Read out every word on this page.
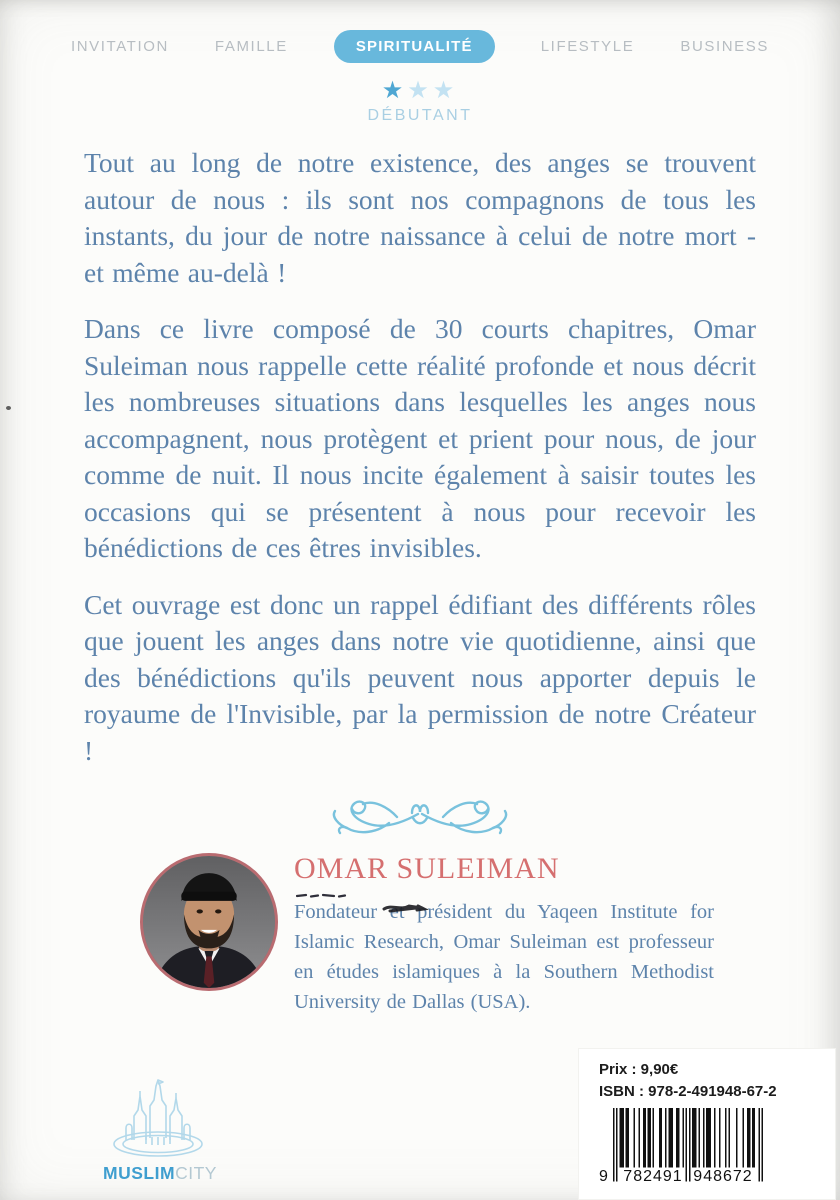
INVITATION	FAMILLE	SPIRITUALITÉ	LIFESTYLE	BUSINESS
★★★
DÉBUTANT

Tout au long de notre existence, des anges se trouvent autour de nous : ils sont nos compagnons de tous les instants, du jour de notre naissance à celui de notre mort - et même au-delà !

Dans ce livre composé de 30 courts chapitres, Omar Suleiman nous rappelle cette réalité profonde et nous décrit les nombreuses situations dans lesquelles les anges nous accompagnent, nous protègent et prient pour nous, de jour comme de nuit. Il nous incite également à saisir toutes les occasions qui se présentent à nous pour recevoir les bénédictions de ces êtres invisibles.

Cet ouvrage est donc un rappel édifiant des différents rôles que jouent les anges dans notre vie quotidienne, ainsi que des bénédictions qu'ils peuvent nous apporter depuis le royaume de l'Invisible, par la permission de notre Créateur !

OMAR SULEIMAN

Fondateur et président du Yaqeen Institute for Islamic Research, Omar Suleiman est professeur en études islamiques à la Southern Methodist University de Dallas (USA).

MUSLIMCITY
Prix : 9,90€
ISBN : 978-2-491948-67-2
9 782491 948672
